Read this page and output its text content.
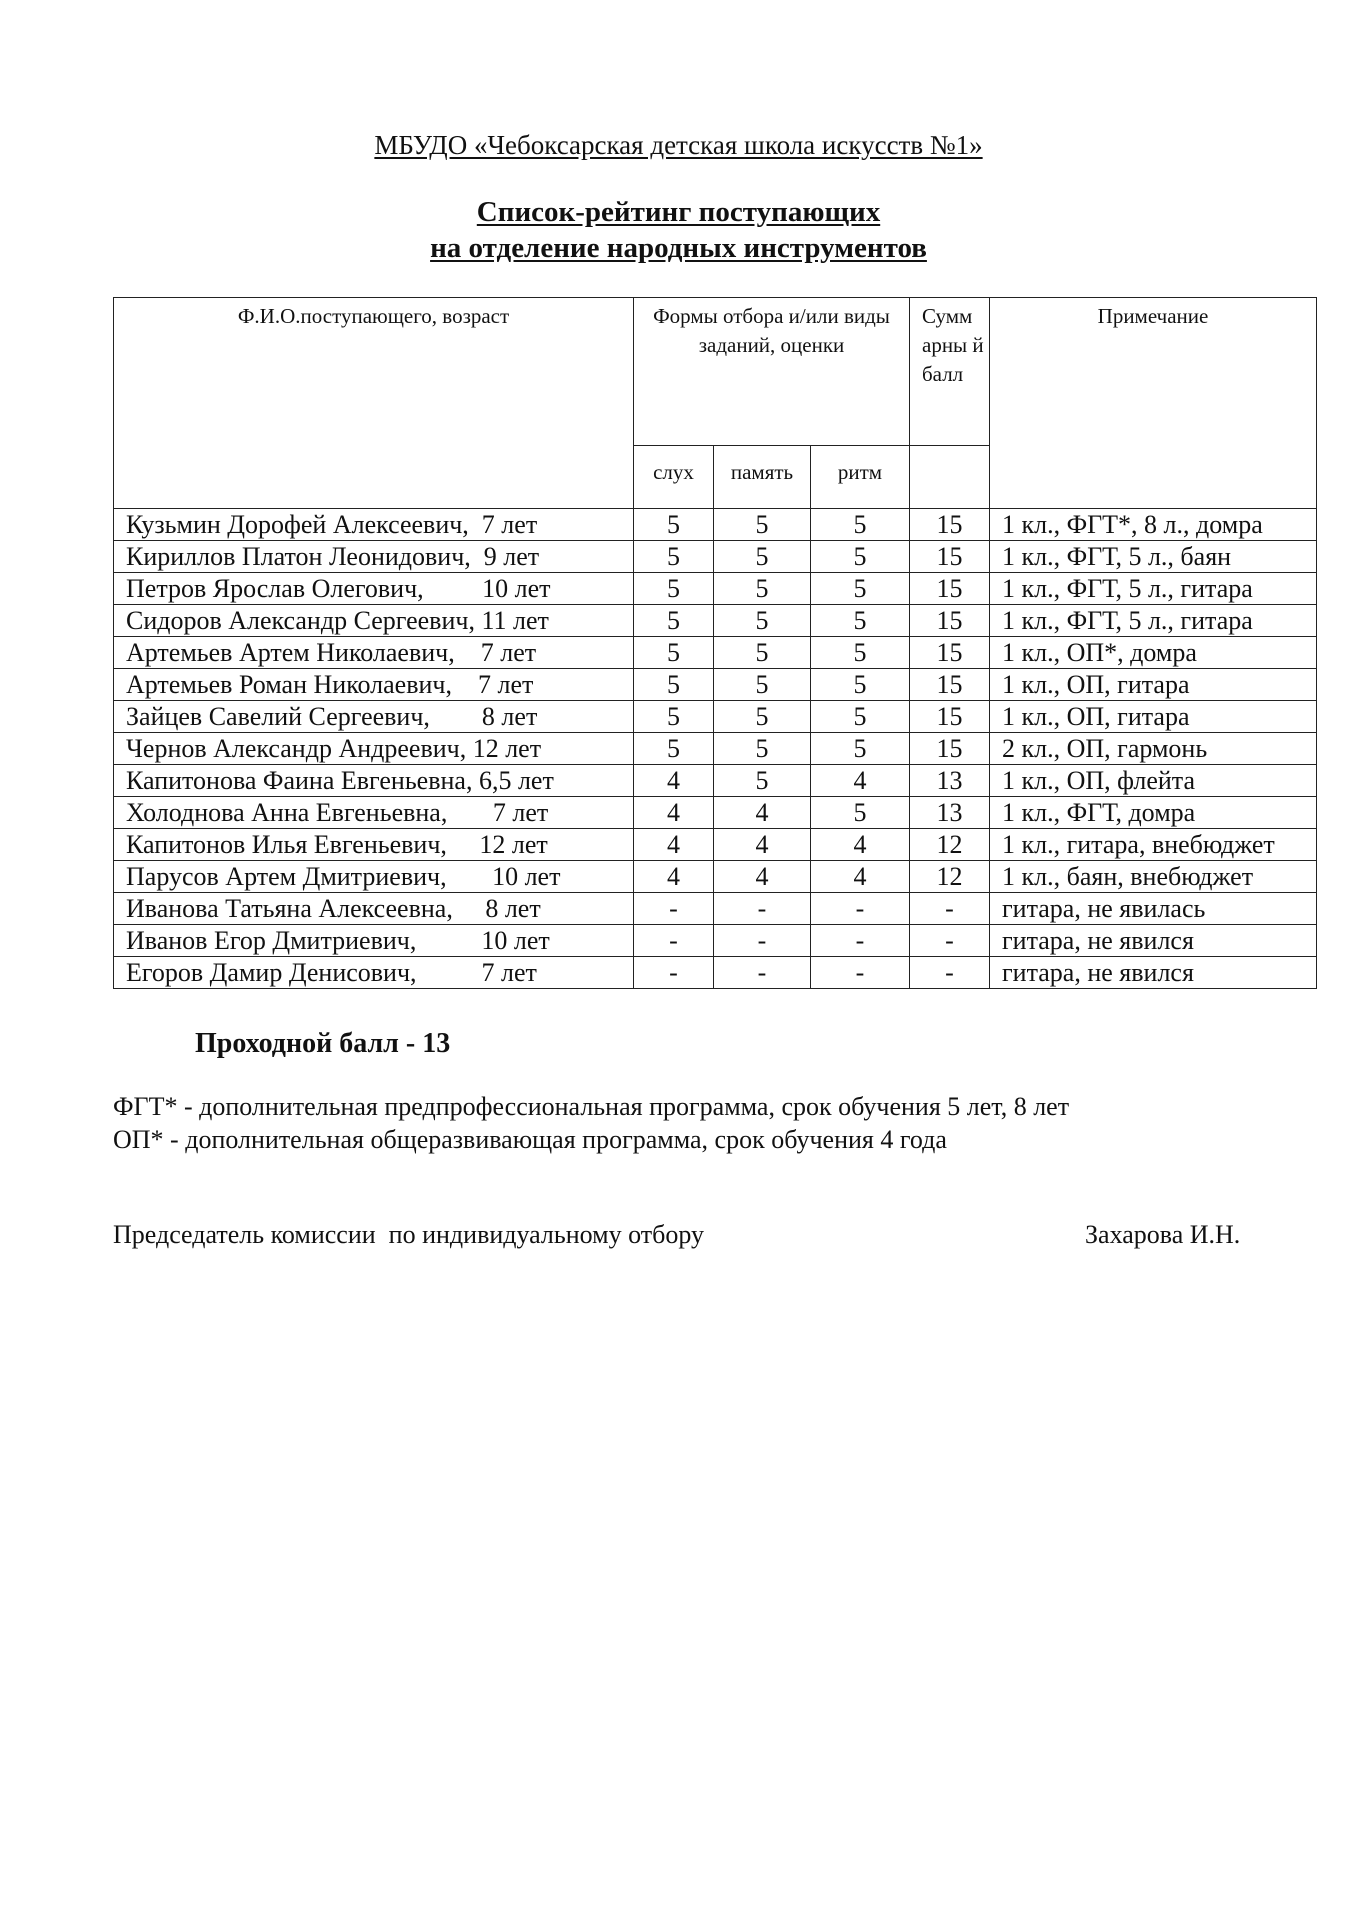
МБУДО «Чебоксарская детская школа искусств №1»
Список-рейтинг поступающих
на отделение народных инструментов
Ф.И.О.поступающего, возраст	Формы отбора и/или виды заданий, оценки			Сумм арны й балл	Примечание
	слух	память	ритм		
Кузьмин Дорофей Алексеевич,  7 лет	5	5	5	15	1 кл., ФГТ*, 8 л., домра
Кириллов Платон Леонидович,  9 лет	5	5	5	15	1 кл., ФГТ, 5 л., баян
Петров Ярослав Олегович,         10 лет	5	5	5	15	1 кл., ФГТ, 5 л., гитара
Сидоров Александр Сергеевич, 11 лет	5	5	5	15	1 кл., ФГТ, 5 л., гитара
Артемьев Артем Николаевич,    7 лет	5	5	5	15	1 кл., ОП*, домра
Артемьев Роман Николаевич,    7 лет	5	5	5	15	1 кл., ОП, гитара
Зайцев Савелий Сергеевич,        8 лет	5	5	5	15	1 кл., ОП, гитара
Чернов Александр Андреевич, 12 лет	5	5	5	15	2 кл., ОП, гармонь
Капитонова Фаина Евгеньевна, 6,5 лет	4	5	4	13	1 кл., ОП, флейта
Холоднова Анна Евгеньевна,       7 лет	4	4	5	13	1 кл., ФГТ, домра
Капитонов Илья Евгеньевич,     12 лет	4	4	4	12	1 кл., гитара, внебюджет
Парусов Артем Дмитриевич,       10 лет	4	4	4	12	1 кл., баян, внебюджет
Иванова Татьяна Алексеевна,     8 лет	-	-	-	-	гитара, не явилась
Иванов Егор Дмитриевич,          10 лет	-	-	-	-	гитара, не явился
Егоров Дамир Денисович,          7 лет	-	-	-	-	гитара, не явился
Проходной балл - 13
ФГТ* - дополнительная предпрофессиональная программа, срок обучения 5 лет, 8 лет
ОП* - дополнительная общеразвивающая программа, срок обучения 4 года
Председатель комиссии  по индивидуальному отбору	Захарова И.Н.
